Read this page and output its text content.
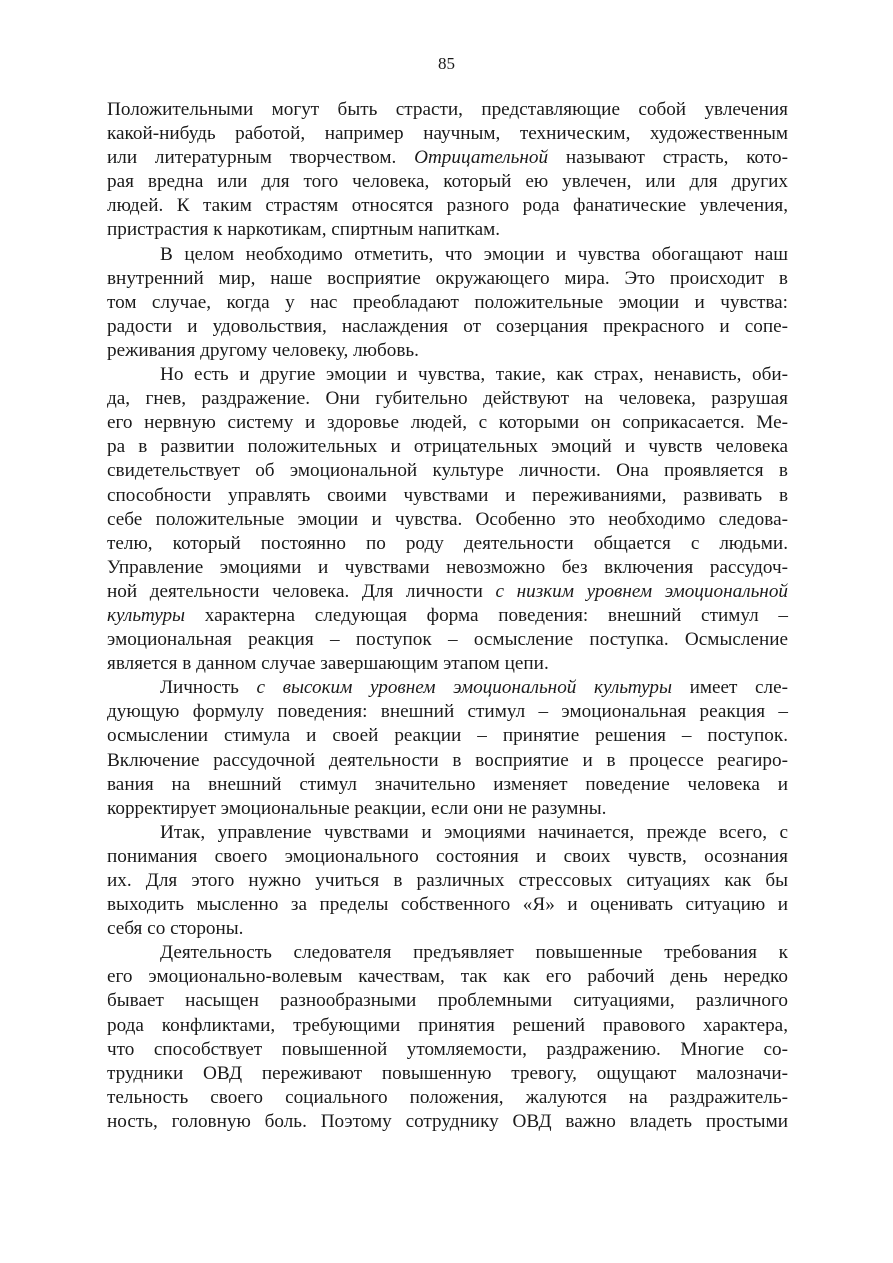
85
Положительными могут быть страсти, представляющие собой увлечения
какой-нибудь работой, например научным, техническим, художественным
или литературным творчеством. Отрицательной называют страсть, кото-
рая вредна или для того человека, который ею увлечен, или для других
людей. К таким страстям относятся разного рода фанатические увлечения,
пристрастия к наркотикам, спиртным напиткам.
В целом необходимо отметить, что эмоции и чувства обогащают наш
внутренний мир, наше восприятие окружающего мира. Это происходит в
том случае, когда у нас преобладают положительные эмоции и чувства:
радости и удовольствия, наслаждения от созерцания прекрасного и сопе-
реживания другому человеку, любовь.
Но есть и другие эмоции и чувства, такие, как страх, ненависть, оби-
да, гнев, раздражение. Они губительно действуют на человека, разрушая
его нервную систему и здоровье людей, с которыми он соприкасается. Ме-
ра в развитии положительных и отрицательных эмоций и чувств человека
свидетельствует об эмоциональной культуре личности. Она проявляется в
способности управлять своими чувствами и переживаниями, развивать в
себе положительные эмоции и чувства. Особенно это необходимо следова-
телю, который постоянно по роду деятельности общается с людьми.
Управление эмоциями и чувствами невозможно без включения рассудоч-
ной деятельности человека. Для личности с низким уровнем эмоциональной
культуры характерна следующая форма поведения: внешний стимул –
эмоциональная реакция – поступок – осмысление поступка. Осмысление
является в данном случае завершающим этапом цепи.
Личность с высоким уровнем эмоциональной культуры имеет сле-
дующую формулу поведения: внешний стимул – эмоциональная реакция –
осмыслении стимула и своей реакции – принятие решения – поступок.
Включение рассудочной деятельности в восприятие и в процессе реагиро-
вания на внешний стимул значительно изменяет поведение человека и
корректирует эмоциональные реакции, если они не разумны.
Итак, управление чувствами и эмоциями начинается, прежде всего, с
понимания своего эмоционального состояния и своих чувств, осознания
их. Для этого нужно учиться в различных стрессовых ситуациях как бы
выходить мысленно за пределы собственного «Я» и оценивать ситуацию и
себя со стороны.
Деятельность следователя предъявляет повышенные требования к
его эмоционально-волевым качествам, так как его рабочий день нередко
бывает насыщен разнообразными проблемными ситуациями, различного
рода конфликтами, требующими принятия решений правового характера,
что способствует повышенной утомляемости, раздражению. Многие со-
трудники ОВД переживают повышенную тревогу, ощущают малозначи-
тельность своего социального положения, жалуются на раздражитель-
ность, головную боль. Поэтому сотруднику ОВД важно владеть простыми
